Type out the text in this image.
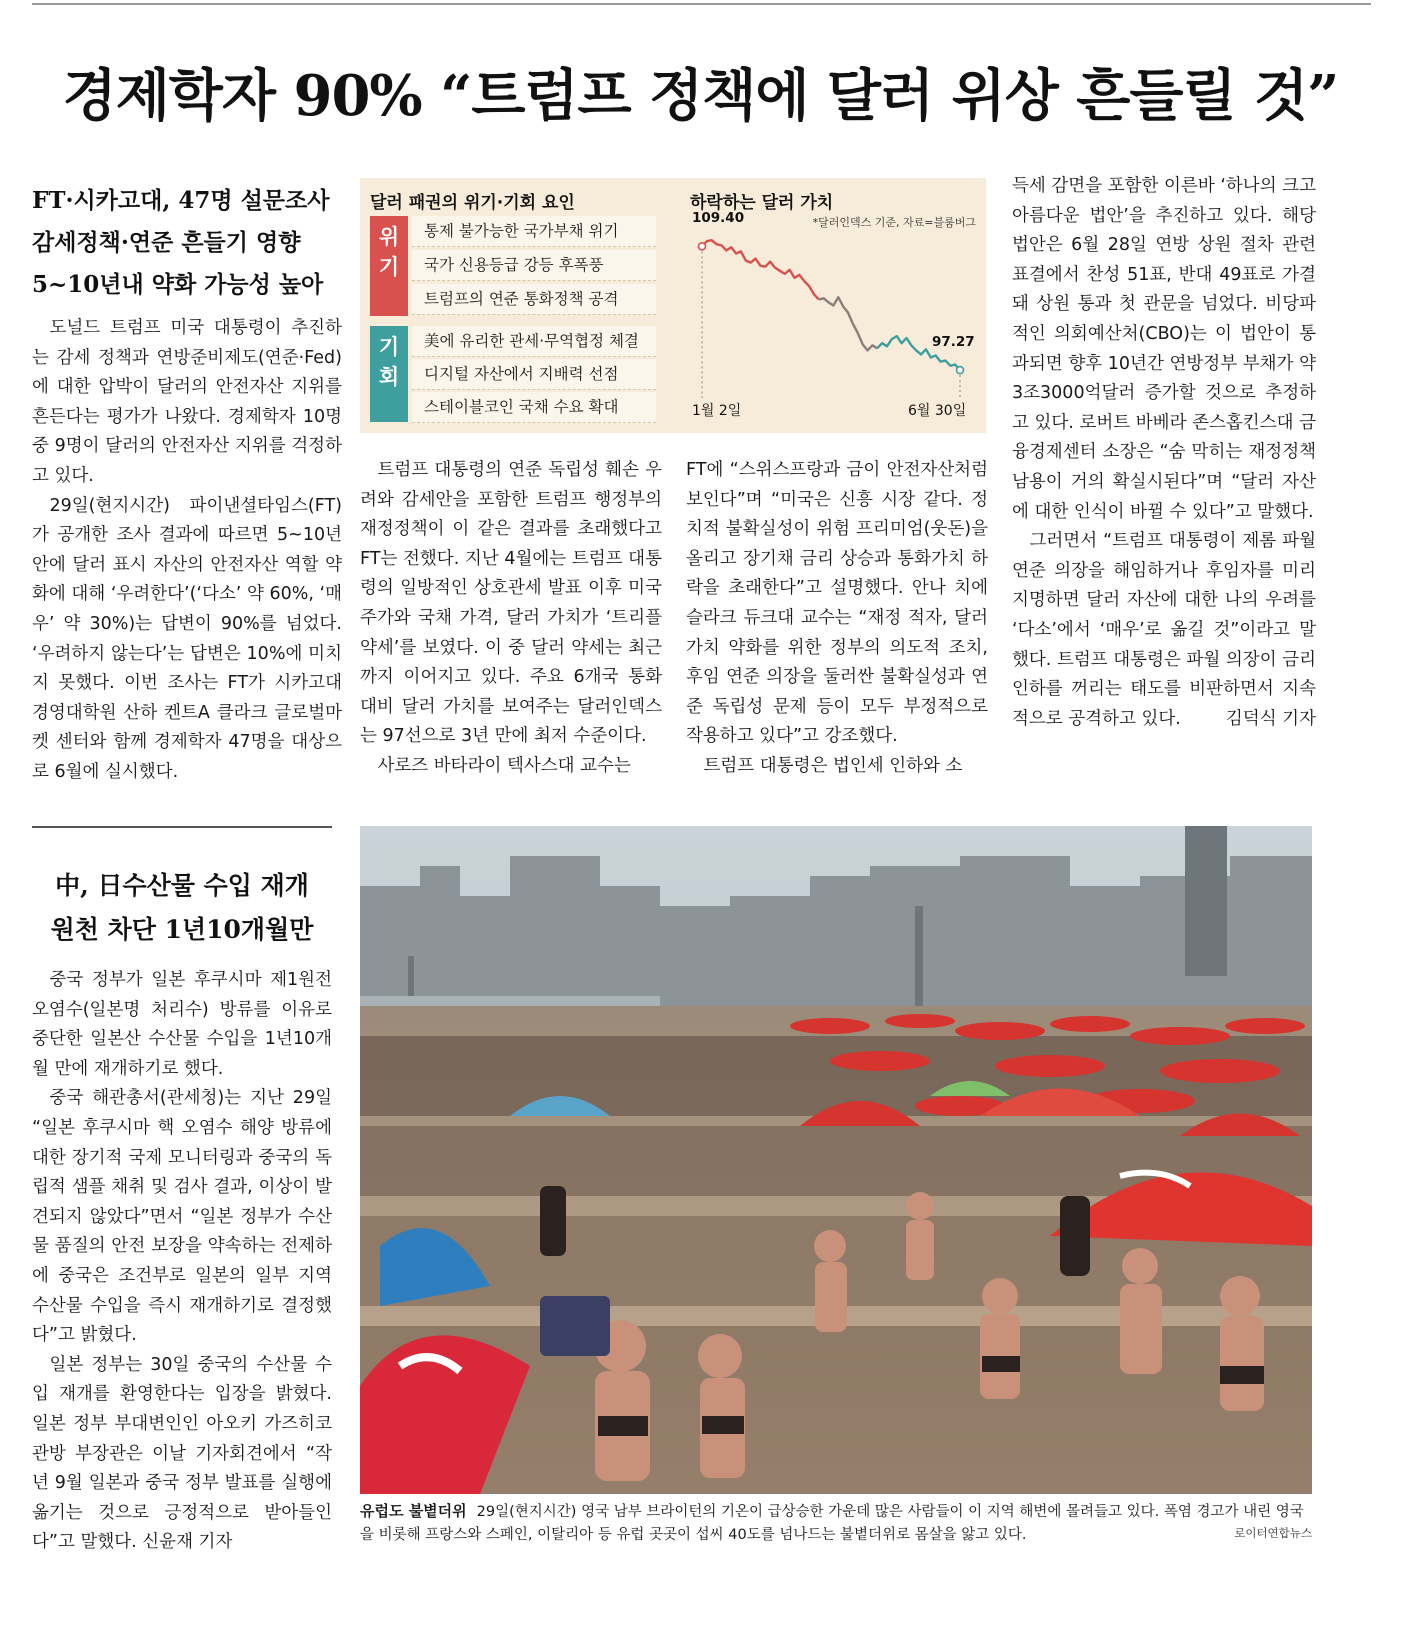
경제학자 90% “트럼프 정책에 달러 위상 흔들릴 것”
FT·시카고대, 47명 설문조사
감세정책·연준 흔들기 영향
5~10년내 약화 가능성 높아

도널드 트럼프 미국 대통령이 추진하는 감세 정책과 연방준비제도(연준·Fed)에 대한 압박이 달러의 안전자산 지위를 흔든다는 평가가 나왔다. 경제학자 10명 중 9명이 달러의 안전자산 지위를 걱정하고 있다.

29일(현지시간) 파이낸셜타임스(FT)가 공개한 조사 결과에 따르면 5~10년 안에 달러 표시 자산의 안전자산 역할 약화에 대해 ‘우려한다’(‘다소’ 약 60%, ‘매우’ 약 30%)는 답변이 90%를 넘었다. ‘우려하지 않는다’는 답변은 10%에 미치지 못했다. 이번 조사는 FT가 시카고대 경영대학원 산하 켄트A 클라크 글로벌마켓 센터와 함께 경제학자 47명을 대상으로 6월에 실시했다.

달러 패권의 위기·기회 요인
위기
통제 불가능한 국가부채 위기
국가 신용등급 강등 후폭풍
트럼프의 연준 통화정책 공격
기회
美에 유리한 관세·무역협정 체결
디지털 자산에서 지배력 선점
스테이블코인 국채 수요 확대
하락하는 달러 가치
*달러인덱스 기준, 자료=블룸버그
109.40
97.27
1월 2일	6월 30일

트럼프 대통령의 연준 독립성 훼손 우려와 감세안을 포함한 트럼프 행정부의 재정정책이 이 같은 결과를 초래했다고 FT는 전했다. 지난 4월에는 트럼프 대통령의 일방적인 상호관세 발표 이후 미국 주가와 국채 가격, 달러 가치가 ‘트리플 약세’를 보였다. 이 중 달러 약세는 최근까지 이어지고 있다. 주요 6개국 통화 대비 달러 가치를 보여주는 달러인덱스는 97선으로 3년 만에 최저 수준이다.

사로즈 바타라이 텍사스대 교수는

FT에 “스위스프랑과 금이 안전자산처럼 보인다”며 “미국은 신흥 시장 같다. 정치적 불확실성이 위험 프리미엄(웃돈)을 올리고 장기채 금리 상승과 통화가치 하락을 초래한다”고 설명했다. 안나 치에슬라크 듀크대 교수는 “재정 적자, 달러 가치 약화를 위한 정부의 의도적 조치, 후임 연준 의장을 둘러싼 불확실성과 연준 독립성 문제 등이 모두 부정적으로 작용하고 있다”고 강조했다.

트럼프 대통령은 법인세 인하와 소

득세 감면을 포함한 이른바 ‘하나의 크고 아름다운 법안’을 추진하고 있다. 해당 법안은 6월 28일 연방 상원 절차 관련 표결에서 찬성 51표, 반대 49표로 가결돼 상원 통과 첫 관문을 넘었다. 비당파적인 의회예산처(CBO)는 이 법안이 통과되면 향후 10년간 연방정부 부채가 약 3조3000억달러 증가할 것으로 추정하고 있다. 로버트 바베라 존스홉킨스대 금융경제센터 소장은 “숨 막히는 재정정책 남용이 거의 확실시된다”며 “달러 자산에 대한 인식이 바뀔 수 있다”고 말했다.

그러면서 “트럼프 대통령이 제롬 파월 연준 의장을 해임하거나 후임자를 미리 지명하면 달러 자산에 대한 나의 우려를 ‘다소’에서 ‘매우’로 옮길 것”이라고 말했다. 트럼프 대통령은 파월 의장이 금리 인하를 꺼리는 태도를 비판하면서 지속적으로 공격하고 있다.	김덕식 기자
中, 日수산물 수입 재개
원천 차단 1년10개월만

중국 정부가 일본 후쿠시마 제1원전 오염수(일본명 처리수) 방류를 이유로 중단한 일본산 수산물 수입을 1년10개월 만에 재개하기로 했다.

중국 해관총서(관세청)는 지난 29일 “일본 후쿠시마 핵 오염수 해양 방류에 대한 장기적 국제 모니터링과 중국의 독립적 샘플 채취 및 검사 결과, 이상이 발견되지 않았다”면서 “일본 정부가 수산물 품질의 안전 보장을 약속하는 전제하에 중국은 조건부로 일본의 일부 지역 수산물 수입을 즉시 재개하기로 결정했다”고 밝혔다.

일본 정부는 30일 중국의 수산물 수입 재개를 환영한다는 입장을 밝혔다. 일본 정부 부대변인인 아오키 가즈히코 관방 부장관은 이날 기자회견에서 “작년 9월 일본과 중국 정부 발표를 실행에 옮기는 것으로 긍정적으로 받아들인다”고 말했다. 신윤재 기자

유럽도 불볕더위 29일(현지시간) 영국 남부 브라이턴의 기온이 급상승한 가운데 많은 사람들이 이 지역 해변에 몰려들고 있다. 폭염 경고가 내린 영국을 비롯해 프랑스와 스페인, 이탈리아 등 유럽 곳곳이 섭씨 40도를 넘나드는 불볕더위로 몸살을 앓고 있다.	로이터연합뉴스
